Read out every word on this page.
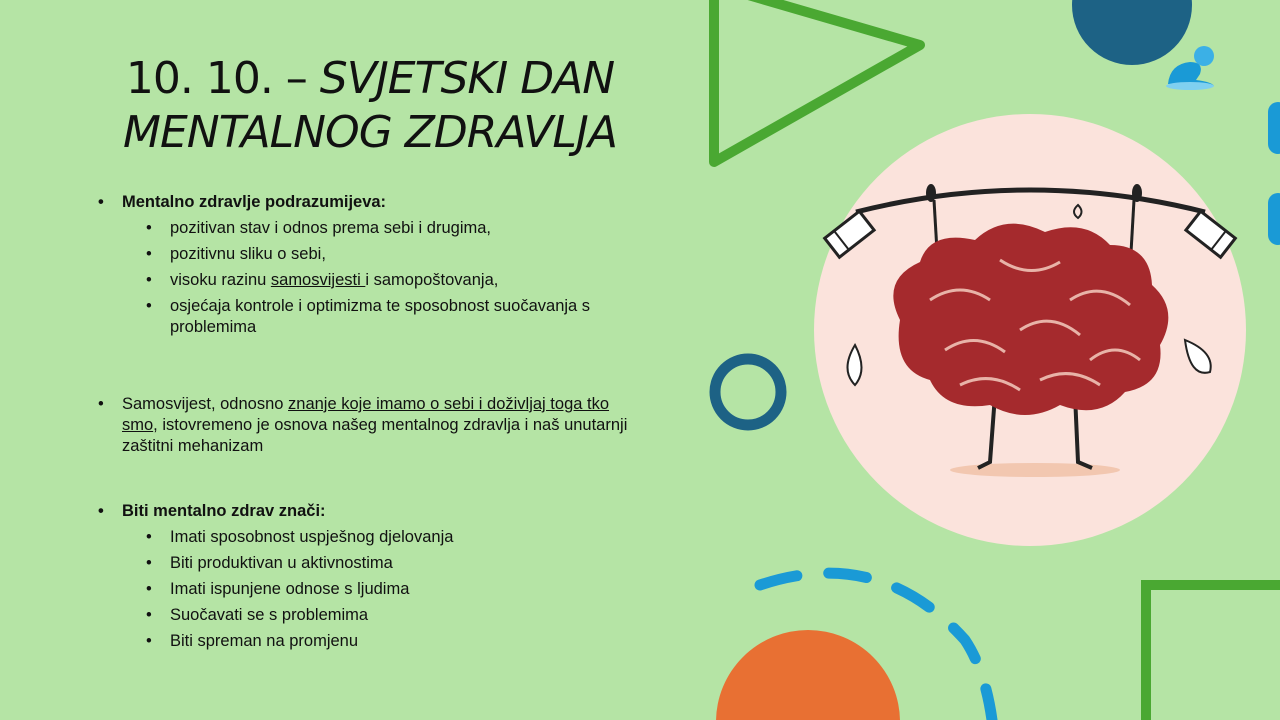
10. 10. – SVJETSKI DAN
MENTALNOG ZDRAVLJA
• Mentalno zdravlje podrazumijeva:
• pozitivan stav i odnos prema sebi i drugima,
• pozitivnu sliku o sebi,
• visoku razinu samosvijesti i samopoštovanja,
• osjećaja kontrole i optimizma te sposobnost suočavanja s problemima
• Samosvijest, odnosno znanje koje imamo o sebi i doživljaj toga tko smo, istovremeno je osnova našeg mentalnog zdravlja i naš unutarnji zaštitni mehanizam
• Biti mentalno zdrav znači:
• Imati sposobnost uspješnog djelovanja
• Biti produktivan u aktivnostima
• Imati ispunjene odnose s ljudima
• Suočavati se s problemima
• Biti spreman na promjenu
